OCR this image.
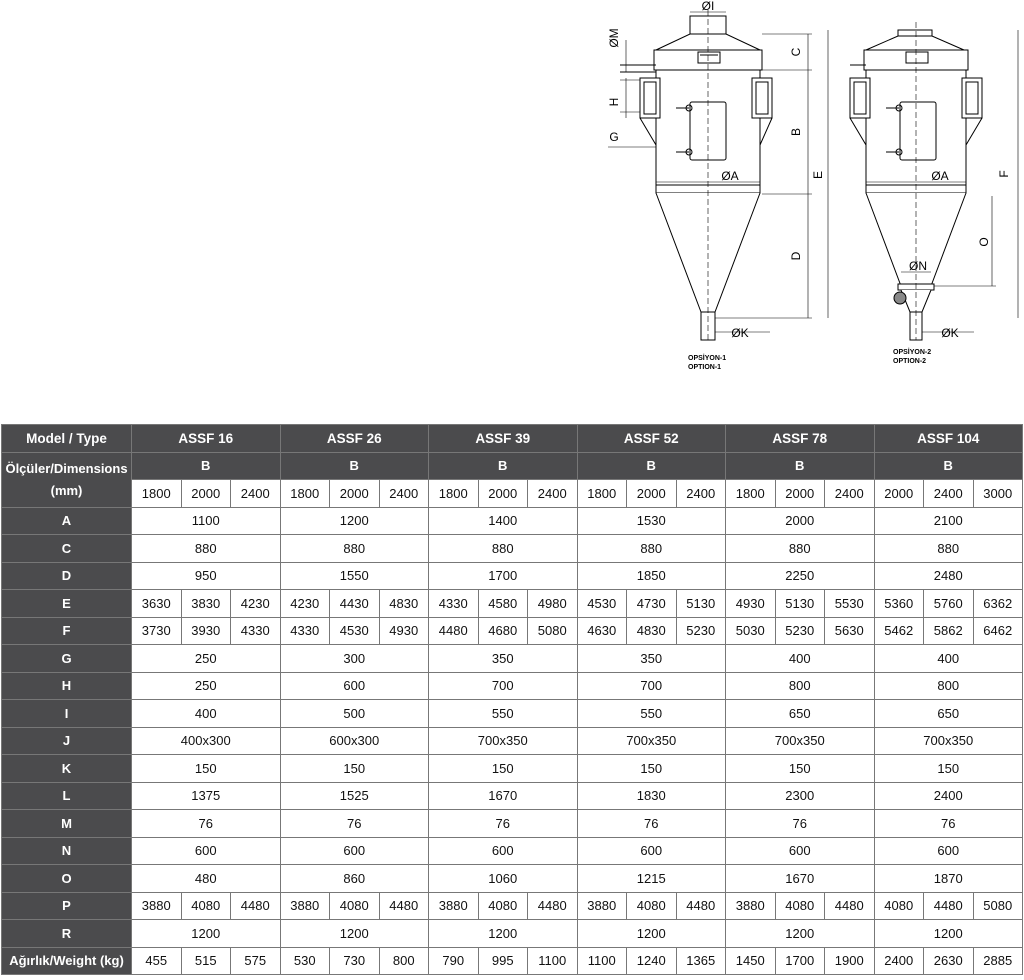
ØI
ØM
C
H
B
G
ØA	E
D
ØK
OPSİYON-1
OPTION-1
ØA	F
O
ØN
ØK
OPSİYON-2
OPTION-2
Model / Type	ASSF 16			ASSF 26			ASSF 39			ASSF 52			ASSF 78			ASSF 104		

Ölçüler/Dimensions
(mm)	B			B			B			B			B			B		
	1800	2000	2400	1800	2000	2400	1800	2000	2400	1800	2000	2400	1800	2000	2400	2000	2400	3000
A	1100			1200			1400			1530			2000			2100		
C	880			880			880			880			880			880		
D	950			1550			1700			1850			2250			2480		
E	3630	3830	4230	4230	4430	4830	4330	4580	4980	4530	4730	5130	4930	5130	5530	5360	5760	6362
F	3730	3930	4330	4330	4530	4930	4480	4680	5080	4630	4830	5230	5030	5230	5630	5462	5862	6462
G	250			300			350			350			400			400		
H	250			600			700			700			800			800		
I	400			500			550			550			650			650		
J	400x300			600x300			700x350			700x350			700x350			700x350		
K	150			150			150			150			150			150		
L	1375			1525			1670			1830			2300			2400		
M	76			76			76			76			76			76		
N	600			600			600			600			600			600		
O	480			860			1060			1215			1670			1870		
P	3880	4080	4480	3880	4080	4480	3880	4080	4480	3880	4080	4480	3880	4080	4480	4080	4480	5080
R	1200			1200			1200			1200			1200			1200		
Ağırlık/Weight (kg)	455	515	575	530	730	800	790	995	1100	1100	1240	1365	1450	1700	1900	2400	2630	2885
